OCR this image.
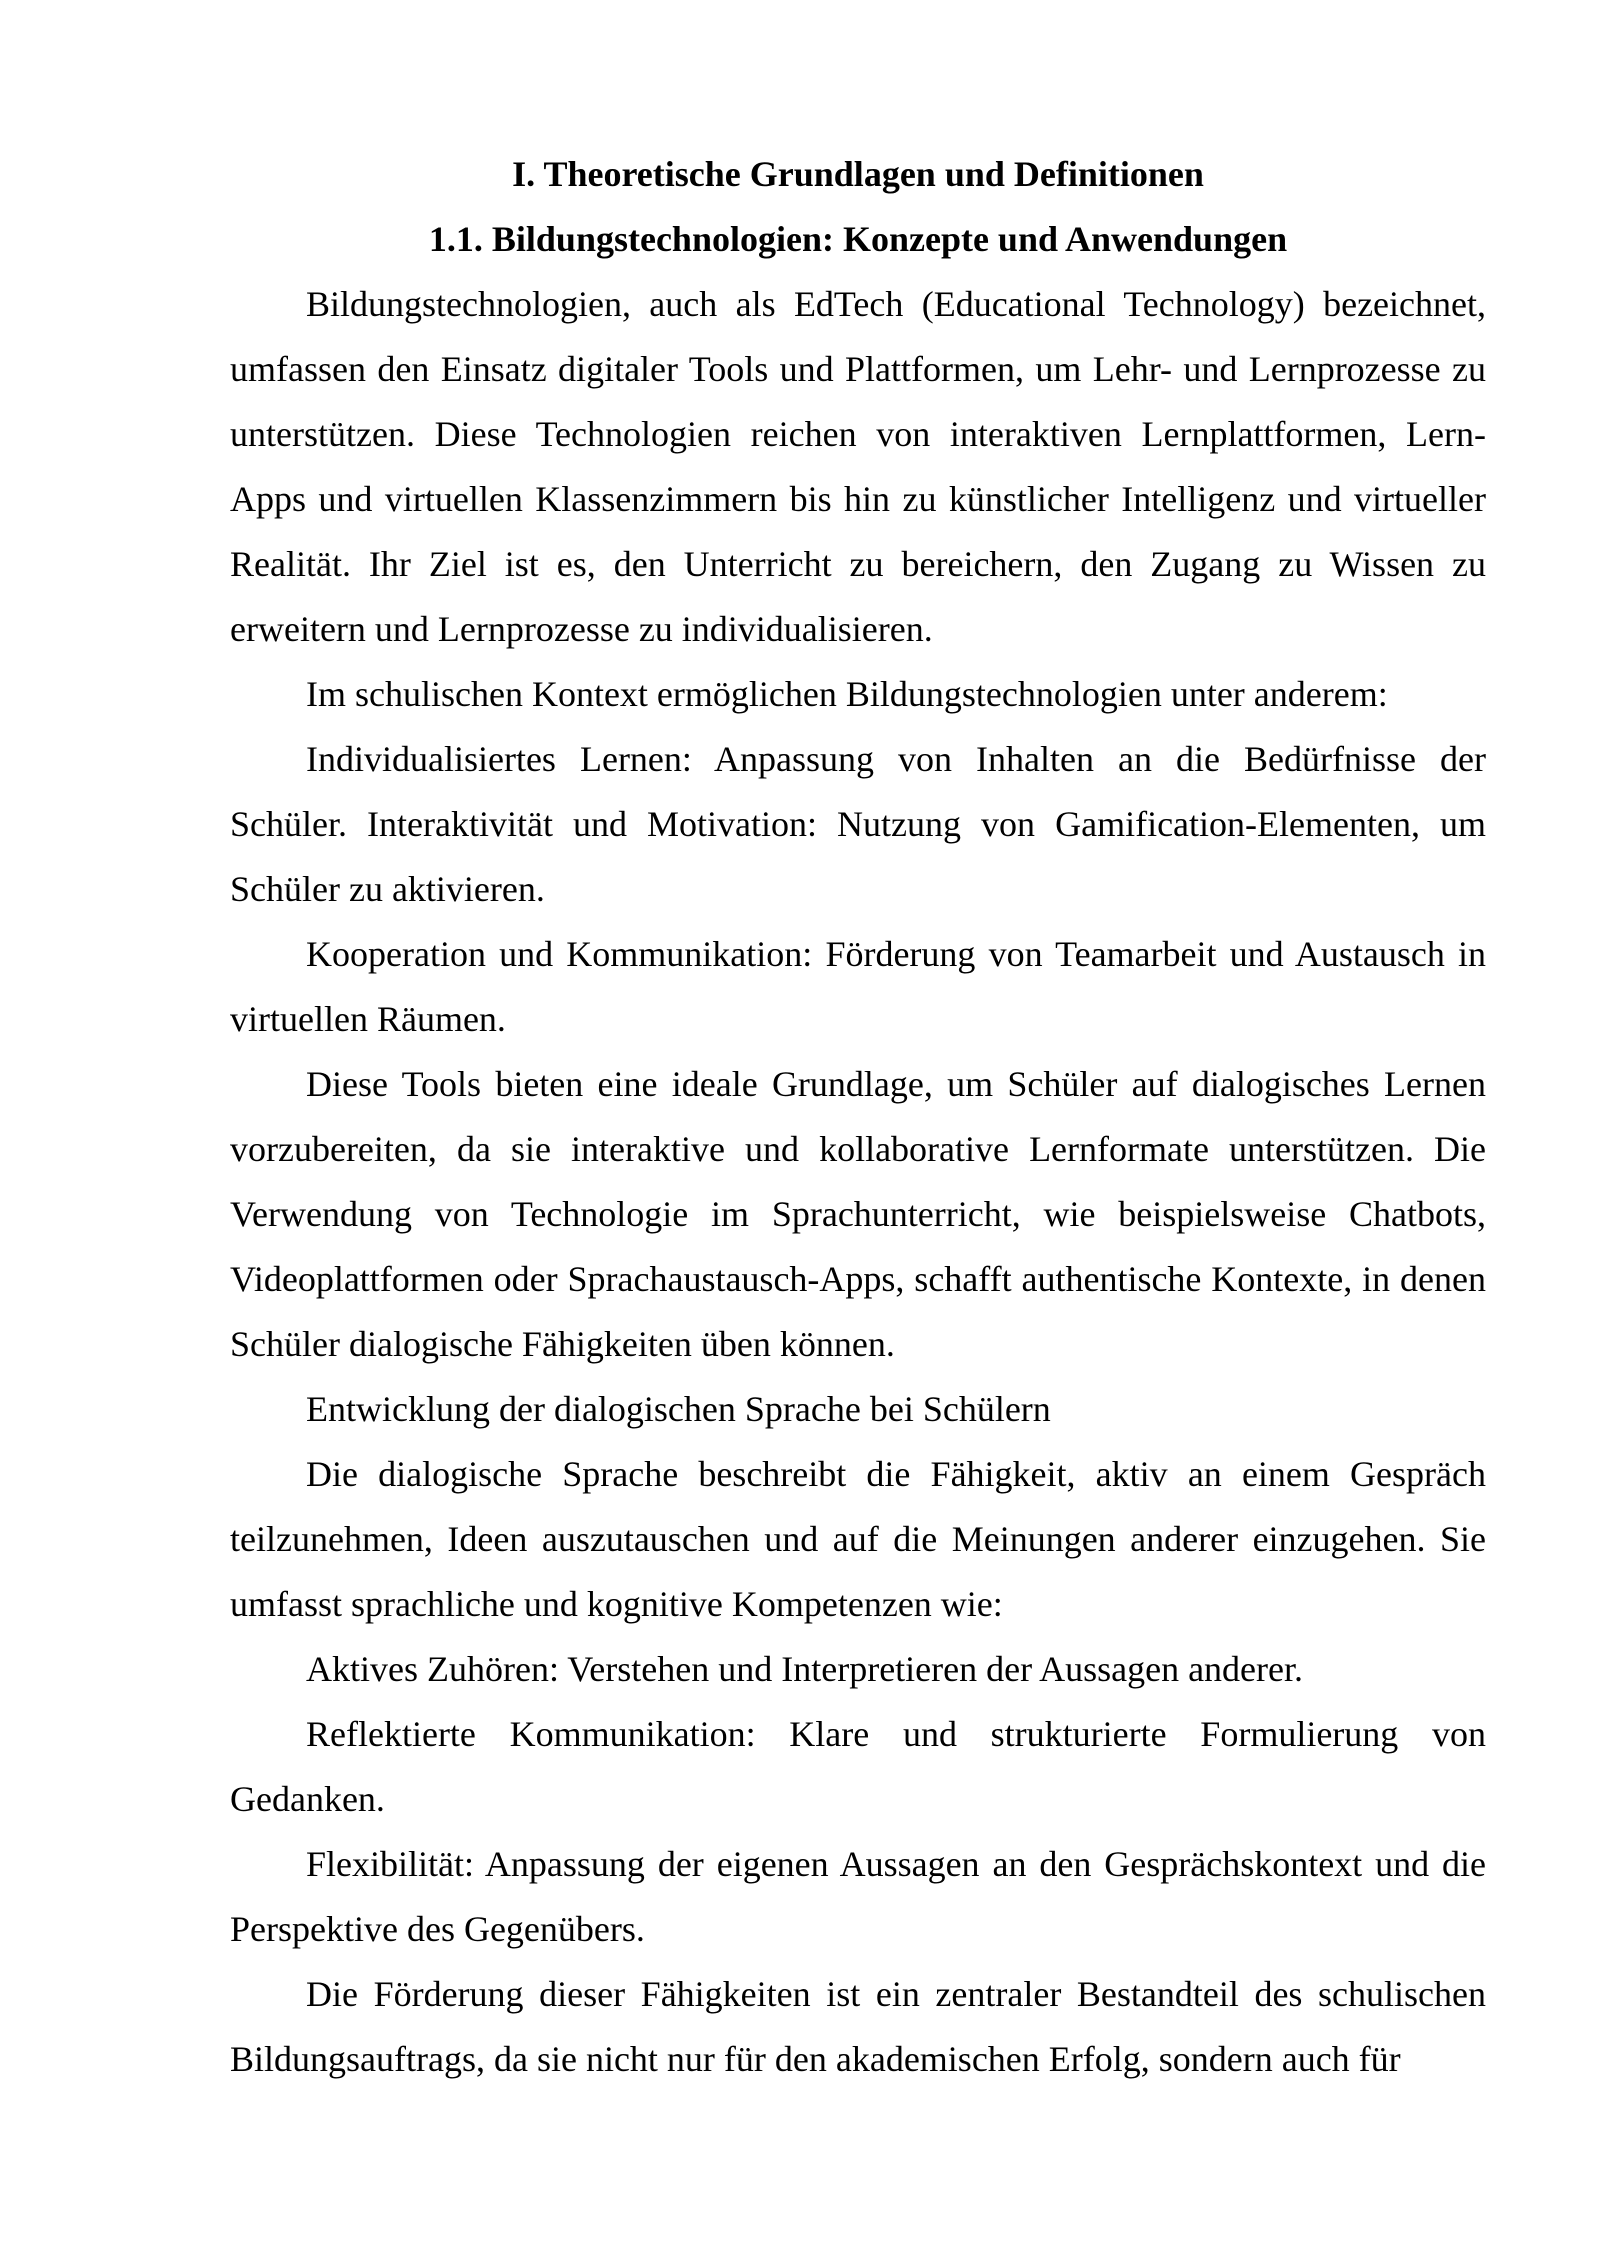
I. Theoretische Grundlagen und Definitionen
1.1. Bildungstechnologien: Konzepte und Anwendungen

Bildungstechnologien, auch als EdTech (Educational Technology) bezeichnet, umfassen den Einsatz digitaler Tools und Plattformen, um Lehr- und Lernprozesse zu unterstützen. Diese Technologien reichen von interaktiven Lernplattformen, Lern-Apps und virtuellen Klassenzimmern bis hin zu künstlicher Intelligenz und virtueller Realität. Ihr Ziel ist es, den Unterricht zu bereichern, den Zugang zu Wissen zu erweitern und Lernprozesse zu individualisieren.

Im schulischen Kontext ermöglichen Bildungstechnologien unter anderem:

Individualisiertes Lernen: Anpassung von Inhalten an die Bedürfnisse der Schüler. Interaktivität und Motivation: Nutzung von Gamification-Elementen, um Schüler zu aktivieren.

Kooperation und Kommunikation: Förderung von Teamarbeit und Austausch in virtuellen Räumen.

Diese Tools bieten eine ideale Grundlage, um Schüler auf dialogisches Lernen vorzubereiten, da sie interaktive und kollaborative Lernformate unterstützen. Die Verwendung von Technologie im Sprachunterricht, wie beispielsweise Chatbots, Videoplattformen oder Sprachaustausch-Apps, schafft authentische Kontexte, in denen Schüler dialogische Fähigkeiten üben können.

Entwicklung der dialogischen Sprache bei Schülern

Die dialogische Sprache beschreibt die Fähigkeit, aktiv an einem Gespräch teilzunehmen, Ideen auszutauschen und auf die Meinungen anderer einzugehen. Sie umfasst sprachliche und kognitive Kompetenzen wie:

Aktives Zuhören: Verstehen und Interpretieren der Aussagen anderer.

Reflektierte Kommunikation: Klare und strukturierte Formulierung von Gedanken.

Flexibilität: Anpassung der eigenen Aussagen an den Gesprächskontext und die Perspektive des Gegenübers.

Die Förderung dieser Fähigkeiten ist ein zentraler Bestandteil des schulischen Bildungsauftrags, da sie nicht nur für den akademischen Erfolg, sondern auch für
